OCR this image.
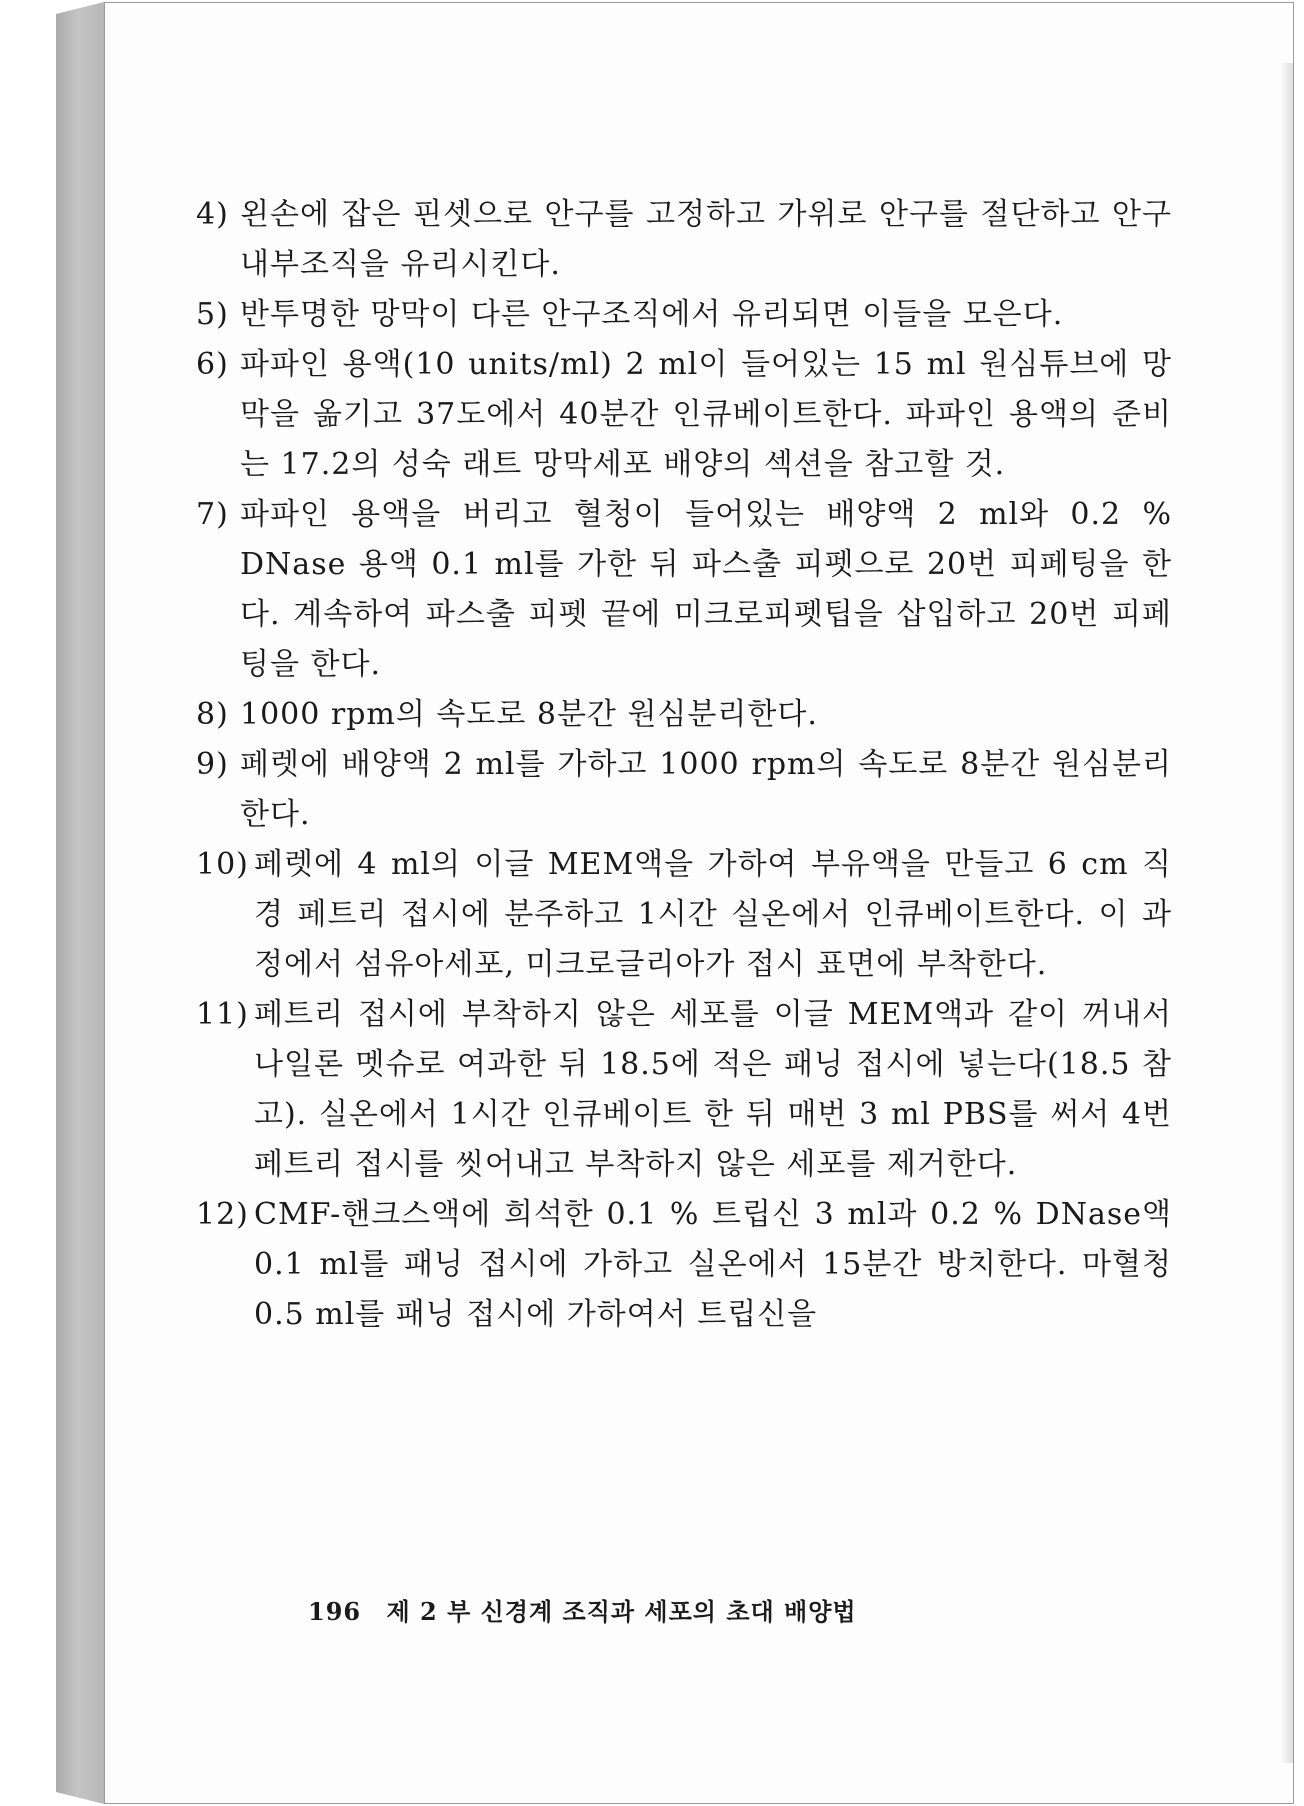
4) 왼손에 잡은 핀셋으로 안구를 고정하고 가위로 안구를 절단하고 안구 내부조직을 유리시킨다.
5) 반투명한 망막이 다른 안구조직에서 유리되면 이들을 모은다.
6) 파파인 용액(10 units/ml) 2 ml이 들어있는 15 ml 원심튜브에 망막을 옮기고 37도에서 40분간 인큐베이트한다. 파파인 용액의 준비는 17.2의 성숙 래트 망막세포 배양의 섹션을 참고할 것.
7) 파파인 용액을 버리고 혈청이 들어있는 배양액 2 ml와 0.2 % DNase 용액 0.1 ml를 가한 뒤 파스출 피펫으로 20번 피페팅을 한다. 계속하여 파스출 피펫 끝에 미크로피펫팁을 삽입하고 20번 피페팅을 한다.
8) 1000 rpm의 속도로 8분간 원심분리한다.
9) 페렛에 배양액 2 ml를 가하고 1000 rpm의 속도로 8분간 원심분리한다.
10) 페렛에 4 ml의 이글 MEM액을 가하여 부유액을 만들고 6 cm 직경 페트리 접시에 분주하고 1시간 실온에서 인큐베이트한다. 이 과정에서 섬유아세포, 미크로글리아가 접시 표면에 부착한다.
11) 페트리 접시에 부착하지 않은 세포를 이글 MEM액과 같이 꺼내서 나일론 멧슈로 여과한 뒤 18.5에 적은 패닝 접시에 넣는다(18.5 참고). 실온에서 1시간 인큐베이트 한 뒤 매번 3 ml PBS를 써서 4번 페트리 접시를 씻어내고 부착하지 않은 세포를 제거한다.
12) CMF-핸크스액에 희석한 0.1 % 트립신 3 ml과 0.2 % DNase액 0.1 ml를 패닝 접시에 가하고 실온에서 15분간 방치한다. 마혈청 0.5 ml를 패닝 접시에 가하여서 트립신을
196 제 2 부 신경계 조직과 세포의 초대 배양법
